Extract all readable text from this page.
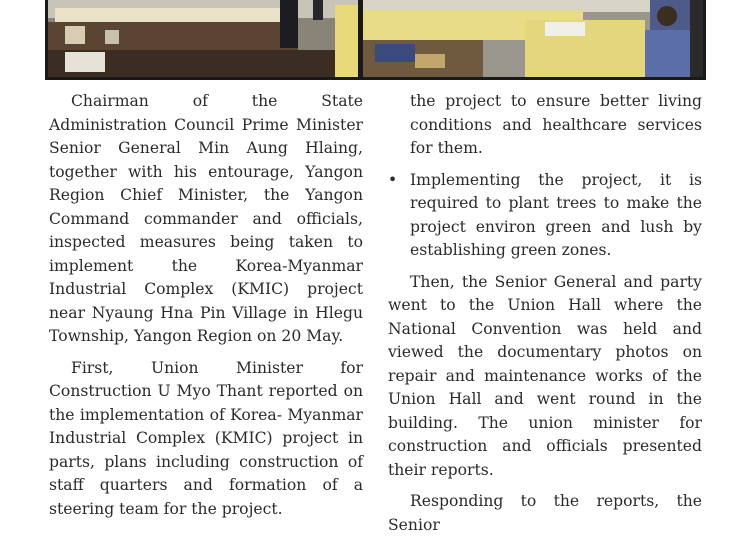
Chairman of the State Administration Council Prime Minister Senior General Min Aung Hlaing, together with his entourage, Yangon Region Chief Minister, the Yangon Command commander and officials, inspected measures being taken to implement the Korea-Myanmar Industrial Complex (KMIC) project near Nyaung Hna Pin Village in Hlegu Township, Yangon Region on 20 May.

First, Union Minister for Construction U Myo Thant reported on the implementation of Korea- Myanmar Industrial Complex (KMIC) project in parts, plans including construction of staff quarters and formation of a steering team for the project.

the project to ensure better living conditions and healthcare services for them.

• Implementing the project, it is required to plant trees to make the project environ green and lush by establishing green zones.

Then, the Senior General and party went to the Union Hall where the National Convention was held and viewed the documentary photos on repair and maintenance works of the Union Hall and went round in the building. The union minister for construction and officials presented their reports.

Responding to the reports, the Senior
